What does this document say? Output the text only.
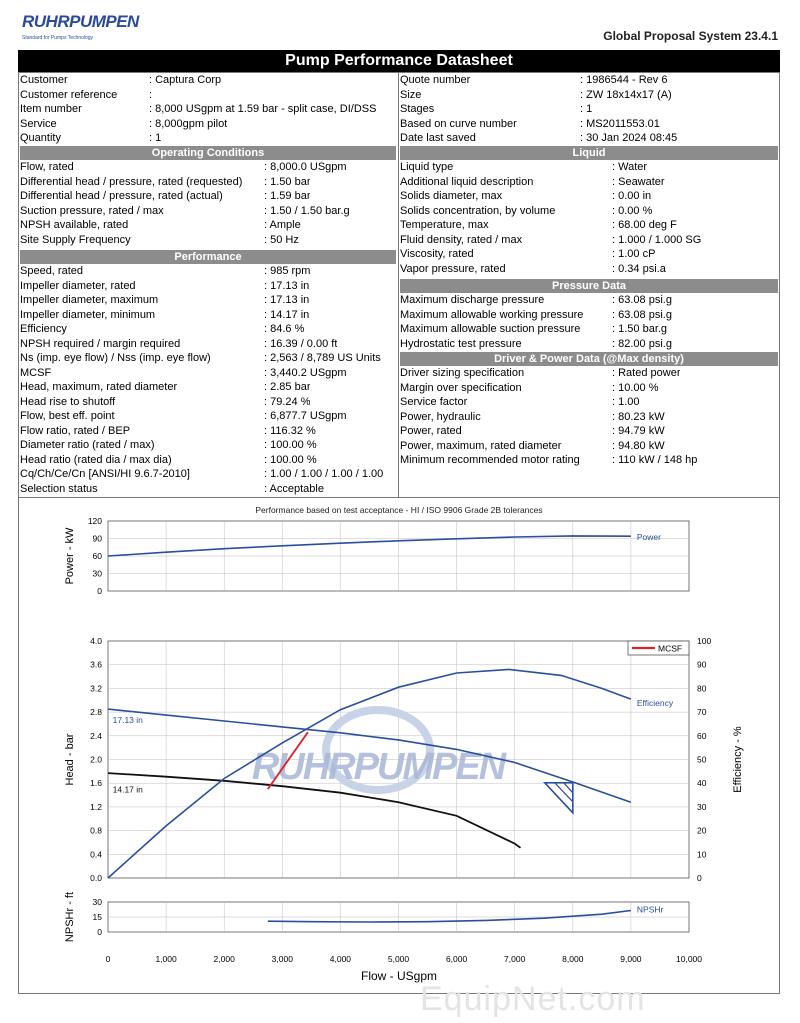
RUHRPUMPEN
Standard for Pumps Technology	Global Proposal System 23.4.1
Pump Performance Datasheet
Customer	: Captura Corp
Customer reference	:
Item number	: 8,000 USgpm at 1.59 bar - split case, DI/DSS
Service	: 8,000gpm pilot
Quantity	: 1
Quote number	: 1986544 - Rev 6
Size	: ZW 18x14x17 (A)
Stages	: 1
Based on curve number	: MS2011553.01
Date last saved	: 30 Jan 2024 08:45
Operating Conditions
Flow, rated	: 8,000.0 USgpm
Differential head / pressure, rated (requested)	: 1.50 bar
Differential head / pressure, rated (actual)	: 1.59 bar
Suction pressure, rated / max	: 1.50 / 1.50 bar.g
NPSH available, rated	: Ample
Site Supply Frequency	: 50 Hz
Performance
Speed, rated	: 985 rpm
Impeller diameter, rated	: 17.13 in
Impeller diameter, maximum	: 17.13 in
Impeller diameter, minimum	: 14.17 in
Efficiency	: 84.6 %
NPSH required / margin required	: 16.39 / 0.00 ft
Ns (imp. eye flow) / Nss (imp. eye flow)	: 2,563 / 8,789 US Units
MCSF	: 3,440.2 USgpm
Head, maximum, rated diameter	: 2.85 bar
Head rise to shutoff	: 79.24 %
Flow, best eff. point	: 6,877.7 USgpm
Flow ratio, rated / BEP	: 116.32 %
Diameter ratio (rated / max)	: 100.00 %
Head ratio (rated dia / max dia)	: 100.00 %
Cq/Ch/Ce/Cn [ANSI/HI 9.6.7-2010]	: 1.00 / 1.00 / 1.00 / 1.00
Selection status	: Acceptable
Liquid
Liquid type	: Water
Additional liquid description	: Seawater
Solids diameter, max	: 0.00 in
Solids concentration, by volume	: 0.00 %
Temperature, max	: 68.00 deg F
Fluid density, rated / max	: 1.000 / 1.000 SG
Viscosity, rated	: 1.00 cP
Vapor pressure, rated	: 0.34 psi.a
Pressure Data
Maximum discharge pressure	: 63.08 psi.g
Maximum allowable working pressure	: 63.08 psi.g
Maximum allowable suction pressure	: 1.50 bar.g
Hydrostatic test pressure	: 82.00 psi.g
Driver & Power Data (@Max density)
Driver sizing specification	: Rated power
Margin over specification	: 10.00 %
Service factor	: 1.00
Power, hydraulic	: 80.23 kW
Power, rated	: 94.79 kW
Power, maximum, rated diameter	: 94.80 kW
Minimum recommended motor rating	: 110 kW / 148 hp
Performance based on test acceptance - HI / ISO 9906 Grade 2B tolerances
0
30
60
90
120
Power - kW	Power
0.0
0.4
0.8
1.2
1.6
2.0
2.4
2.8
3.2
3.6
4.0
Head - bar
0
10
20
30
40
50
60
70
80
90
100
Efficiency - %
RUHRPUMPEN
17.13 in
14.17 in
Efficiency
MCSF
0
15
30
NPSHr - ft	NPSHr
0	1,000	2,000	3,000	4,000	5,000	6,000	7,000	8,000	9,000	10,000
Flow - USgpm
EquipNet.com
